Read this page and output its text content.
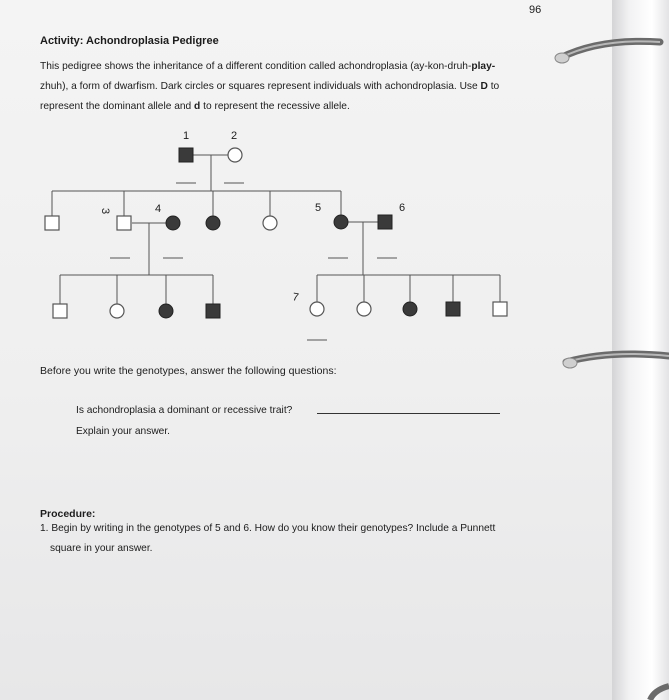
96
Activity: Achondroplasia Pedigree
This pedigree shows the inheritance of a different condition called achondroplasia (ay-kon-druh-play-
zhuh), a form of dwarfism. Dark circles or squares represent individuals with achondroplasia. Use D to
represent the dominant allele and d to represent the recessive allele.
1	2
3	4	5	6
7
Before you write the genotypes, answer the following questions:
Is achondroplasia a dominant or recessive trait?
Explain your answer.
Procedure:
1. Begin by writing in the genotypes of 5 and 6. How do you know their genotypes? Include a Punnett
square in your answer.
